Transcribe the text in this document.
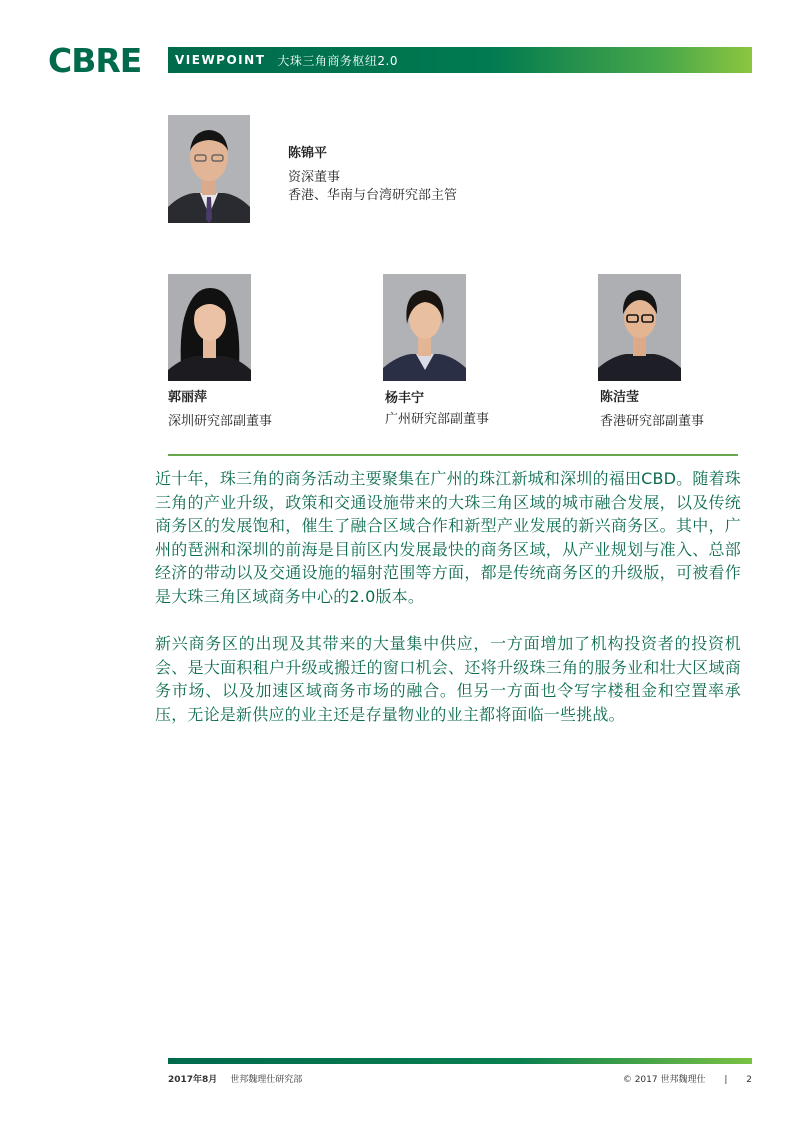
CBRE	VIEWPOINT 大珠三角商务枢纽2.0
陈锦平
资深董事
香港、华南与台湾研究部主管
郭丽萍
深圳研究部副董事
杨丰宁
广州研究部副董事
陈洁莹
香港研究部副董事

近十年，珠三角的商务活动主要聚集在广州的珠江新城和深圳的福田CBD。随着珠三角的产业升级，政策和交通设施带来的大珠三角区域的城市融合发展，以及传统商务区的发展饱和，催生了融合区域合作和新型产业发展的新兴商务区。其中，广州的琶洲和深圳的前海是目前区内发展最快的商务区域，从产业规划与准入、总部经济的带动以及交通设施的辐射范围等方面，都是传统商务区的升级版，可被看作是大珠三角区域商务中心的2.0版本。

新兴商务区的出现及其带来的大量集中供应，一方面增加了机构投资者的投资机会、是大面积租户升级或搬迁的窗口机会、还将升级珠三角的服务业和壮大区域商务市场、以及加速区域商务市场的融合。但另一方面也令写字楼租金和空置率承压，无论是新供应的业主还是存量物业的业主都将面临一些挑战。

2017年8月 世邦魏理仕研究部	© 2017 世邦魏理仕 | 2
